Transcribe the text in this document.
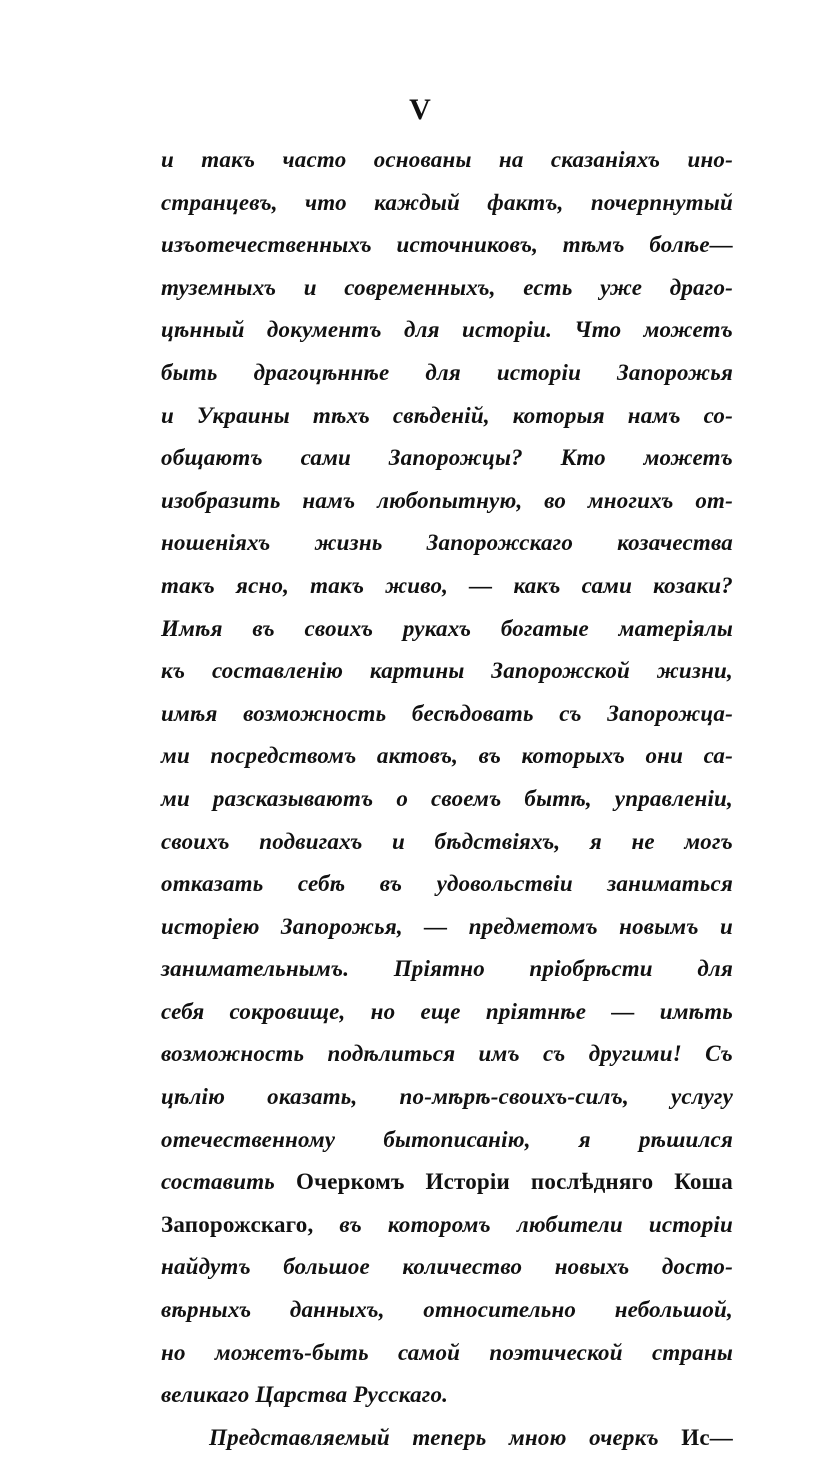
V
и такъ часто основаны на сказаніяхъ ино-
странцевъ, что каждый фактъ, почерпнутый
изъотечественныхъ источниковъ, тѣмъ болѣе—
туземныхъ и современныхъ, есть уже драго-
цѣнный документъ для исторіи. Что можетъ
быть драгоцѣннѣе для исторіи Запорожья
и Украины тѣхъ свѣденій, которыя намъ со-
общаютъ сами Запорожцы? Кто можетъ
изобразить намъ любопытную, во многихъ от-
ношеніяхъ жизнь Запорожскаго козачества
такъ ясно, такъ живо, — какъ сами козаки?
Имѣя въ своихъ рукахъ богатые матеріялы
къ составленію картины Запорожской жизни,
имѣя возможность бесѣдовать съ Запорожца-
ми посредствомъ актовъ, въ которыхъ они са-
ми разсказываютъ о своемъ бытѣ, управленіи,
своихъ подвигахъ и бѣдствіяхъ, я не могъ
отказать себѣ въ удовольствіи заниматься
исторіею Запорожья, — предметомъ новымъ и
занимательнымъ. Пріятно пріобрѣсти для
себя сокровище, но еще пріятнѣе — имѣть
возможность подѣлиться имъ съ другими! Съ
цѣлію оказать, по-мѣрѣ-своихъ-силъ, услугу
отечественному бытописанію, я рѣшился
составить Очеркомъ Исторіи послѣдняго Коша
Запорожскаго, въ которомъ любители исторіи
найдутъ большое количество новыхъ досто-
вѣрныхъ данныхъ, относительно небольшой,
но можетъ-быть самой поэтической страны
великаго Царства Русскаго.
Представляемый теперь мною очеркъ Ис—
